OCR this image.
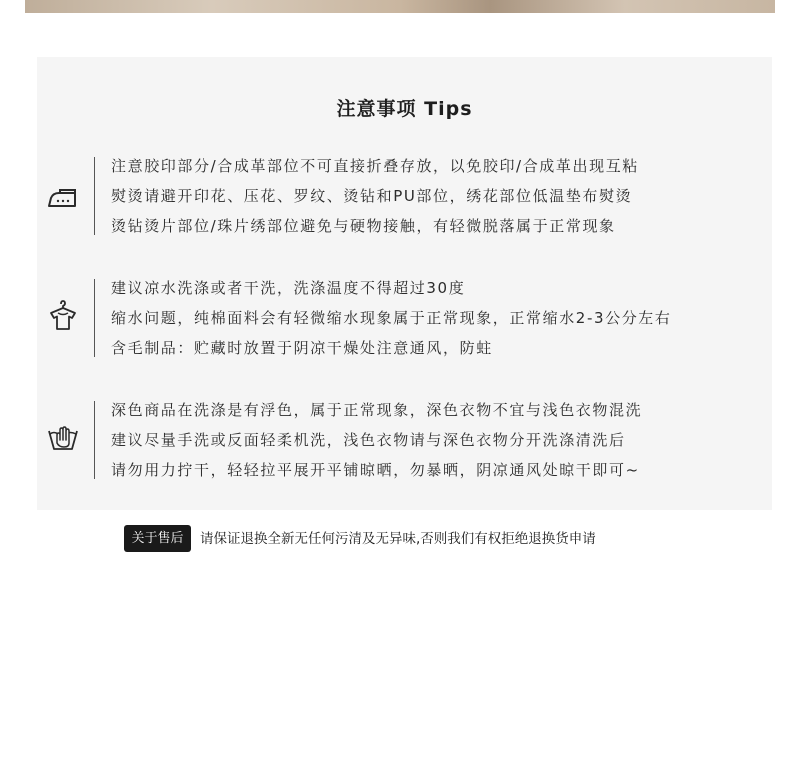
注意事项 Tips
注意胶印部分/合成革部位不可直接折叠存放，以免胶印/合成革出现互粘
熨烫请避开印花、压花、罗纹、烫钻和PU部位，绣花部位低温垫布熨烫
烫钻烫片部位/珠片绣部位避免与硬物接触，有轻微脱落属于正常现象
建议凉水洗涤或者干洗，洗涤温度不得超过30度
缩水问题，纯棉面料会有轻微缩水现象属于正常现象，正常缩水2-3公分左右
含毛制品：贮藏时放置于阴凉干燥处注意通风，防蛀
深色商品在洗涤是有浮色，属于正常现象，深色衣物不宜与浅色衣物混洗
建议尽量手洗或反面轻柔机洗，浅色衣物请与深色衣物分开洗涤清洗后
请勿用力拧干，轻轻拉平展开平铺晾晒，勿暴晒，阴凉通风处晾干即可~
关于售后	请保证退换全新无任何污清及无异味,否则我们有权拒绝退换货申请
